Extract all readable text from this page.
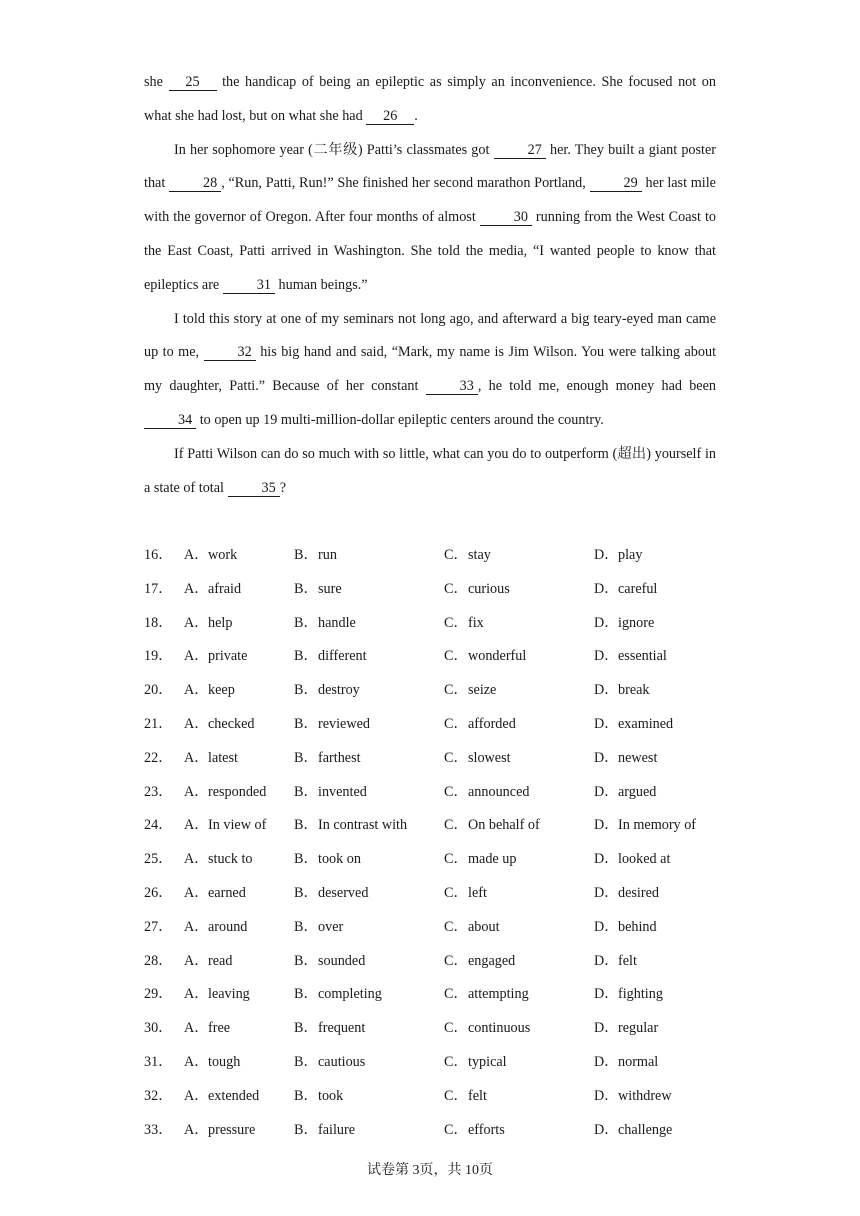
she 25 the handicap of being an epileptic as simply an inconvenience. She focused not on what she had lost, but on what she had 26 .

In her sophomore year (二年级) Patti’s classmates got 27 her. They built a giant poster that 28 , “Run, Patti, Run!” She finished her second marathon Portland, 29 her last mile with the governor of Oregon. After four months of almost 30 running from the West Coast to the East Coast, Patti arrived in Washington. She told the media, “I wanted people to know that epileptics are 31 human beings.”

I told this story at one of my seminars not long ago, and afterward a big teary-eyed man came up to me, 32 his big hand and said, “Mark, my name is Jim Wilson. You were talking about my daughter, Patti.” Because of her constant 33 , he told me, enough money had been 34 to open up 19 multi-million-dollar epileptic centers around the country.

If Patti Wilson can do so much with so little, what can you do to outperform (超出) yourself in a state of total 35 ?

16． A．work	B．run	C．stay	D．play
17． A．afraid	B．sure	C．curious	D．careful
18． A．help	B．handle	C．fix	D．ignore
19． A．private	B．different	C．wonderful	D．essential
20． A．keep	B．destroy	C．seize	D．break
21． A．checked	B．reviewed	C．afforded	D．examined
22． A．latest	B．farthest	C．slowest	D．newest
23． A．responded B．invented	C．announced	D．argued
24． A．In view of B．In contrast with	C．On behalf of	D．In memory of
25． A．stuck to	B．took on	C．made up	D．looked at
26． A．earned	B．deserved	C．left	D．desired
27． A．around	B．over	C．about	D．behind
28． A．read	B．sounded	C．engaged	D．felt
29． A．leaving	B．completing	C．attempting	D．fighting
30． A．free	B．frequent	C．continuous	D．regular
31． A．tough	B．cautious	C．typical	D．normal
32． A．extended B．took	C．felt	D．withdrew
33． A．pressure	B．failure	C．efforts	D．challenge
试卷第 3页，共 10页
